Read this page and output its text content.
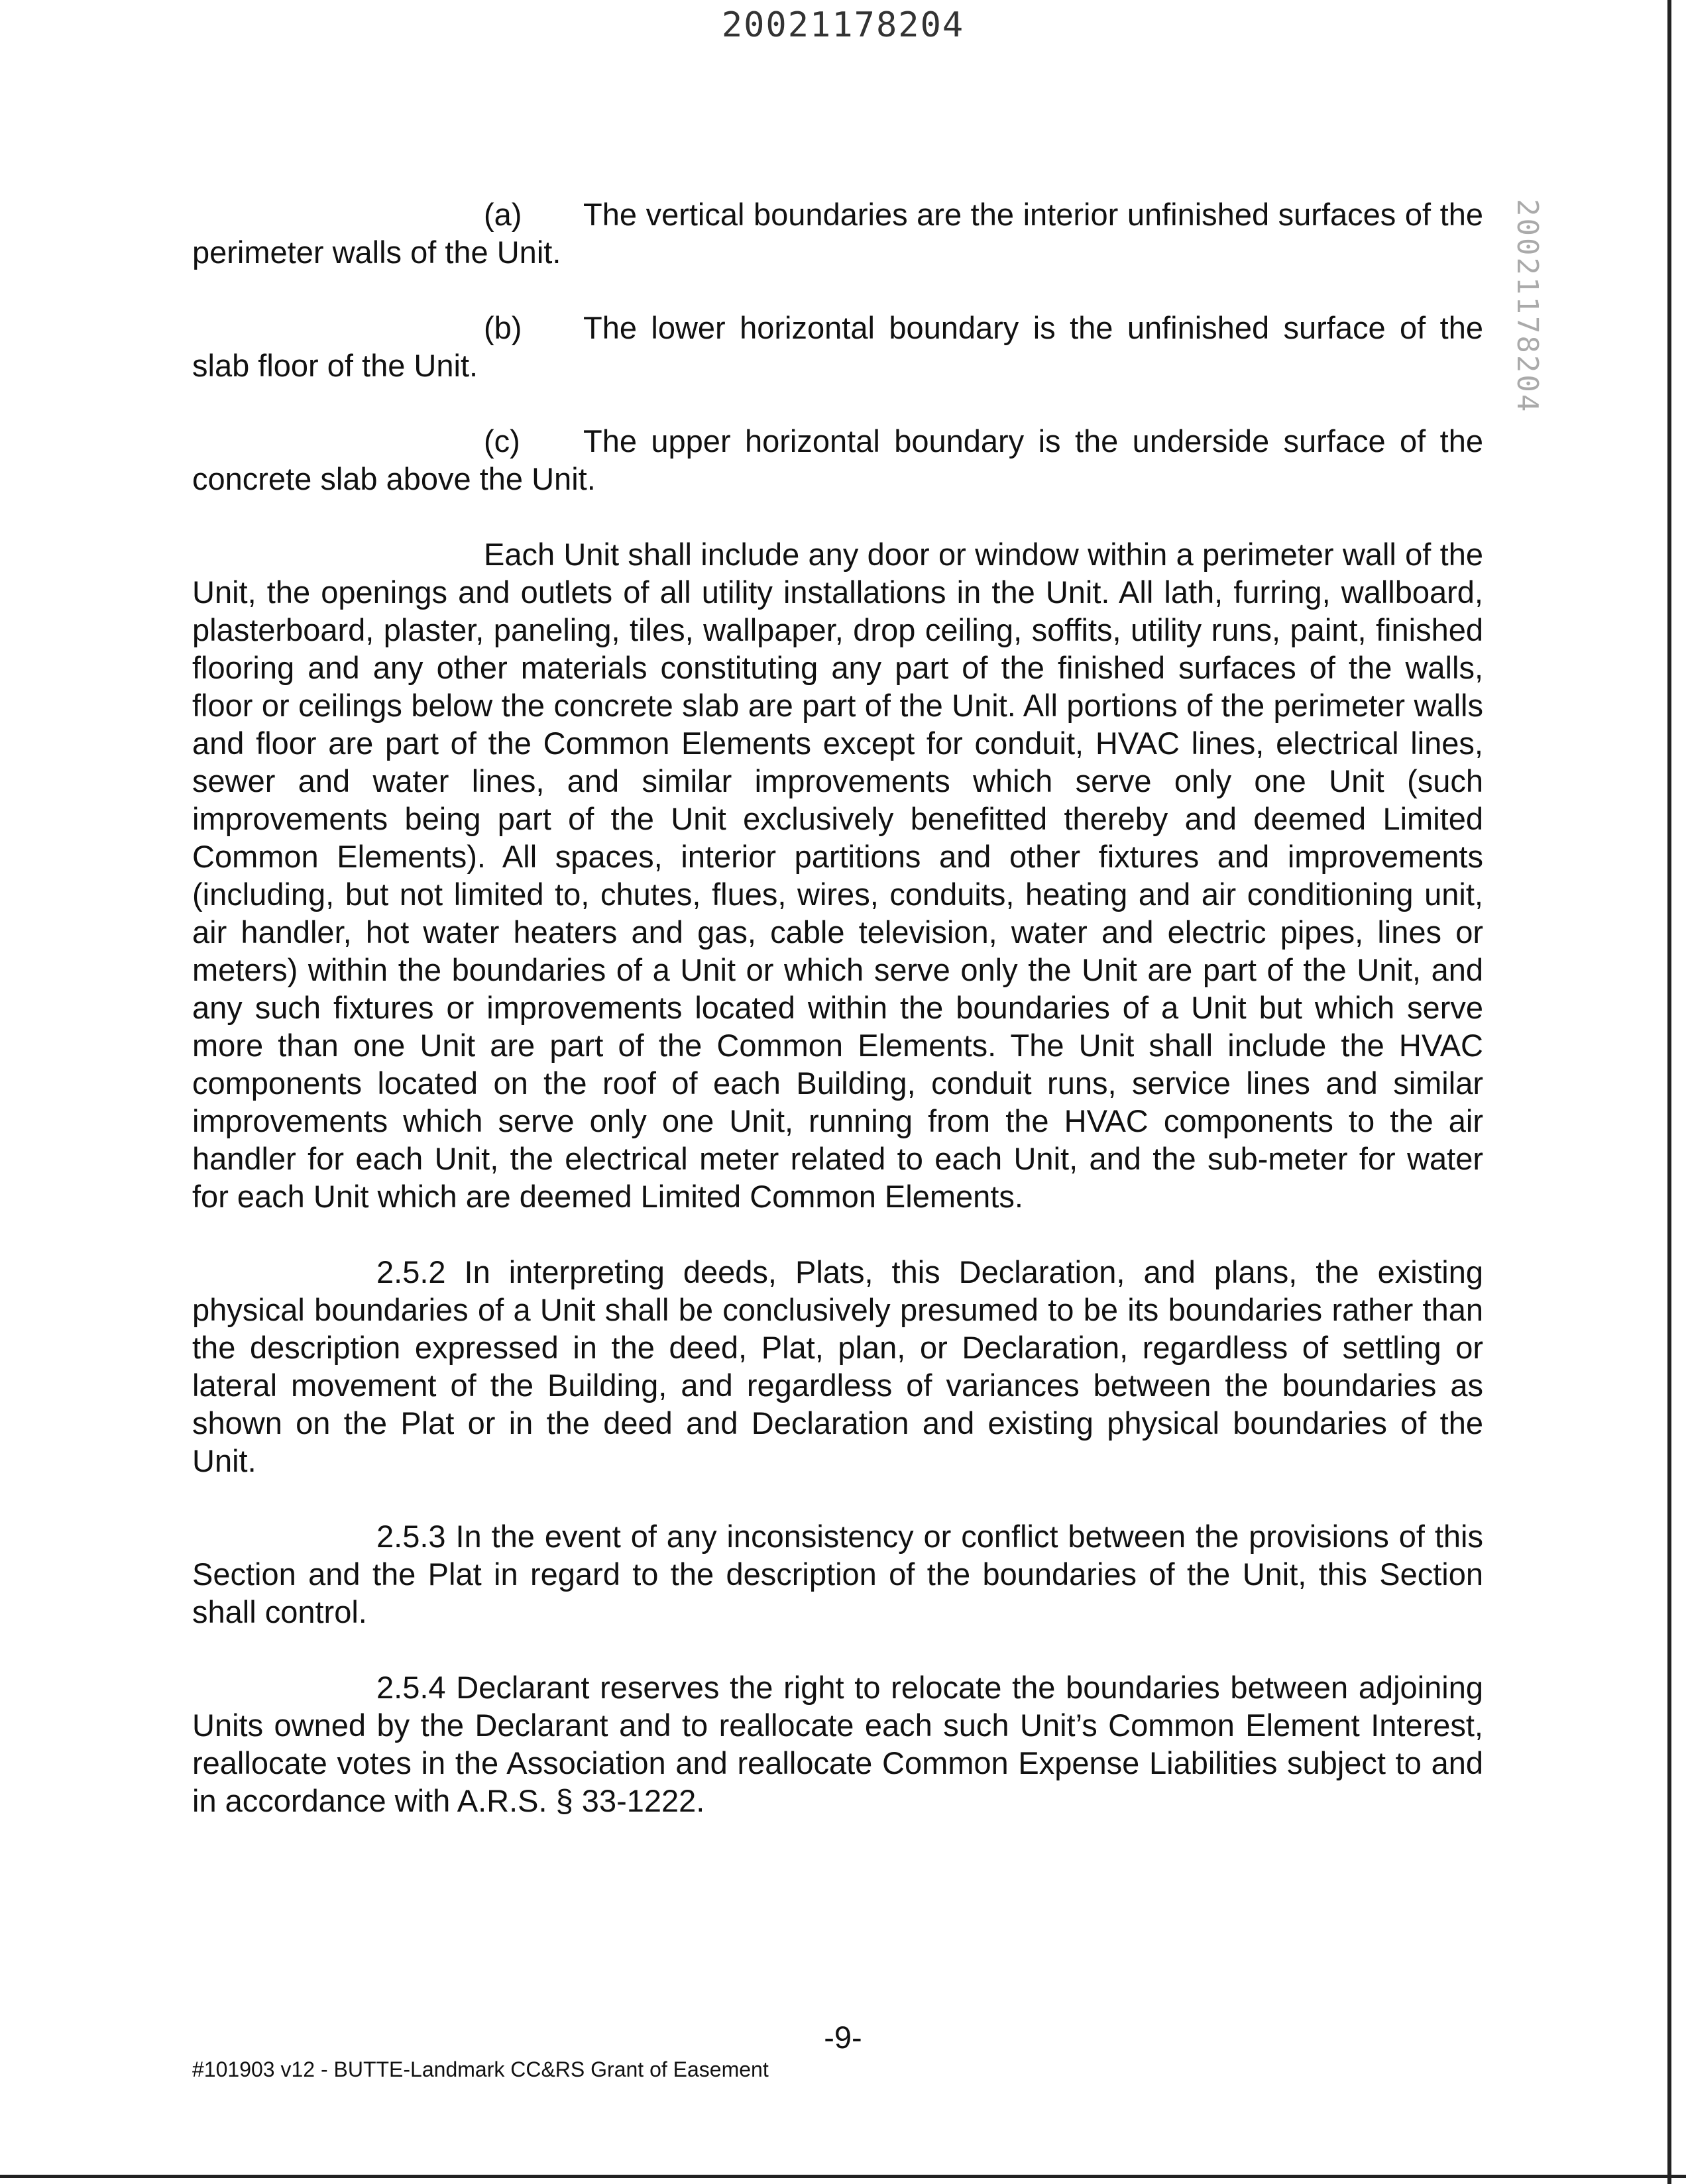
20021178204
20021178204

(a) The vertical boundaries are the interior unfinished surfaces of the perimeter walls of the Unit.

(b) The lower horizontal boundary is the unfinished surface of the slab floor of the Unit.

(c) The upper horizontal boundary is the underside surface of the concrete slab above the Unit.

Each Unit shall include any door or window within a perimeter wall of the Unit, the openings and outlets of all utility installations in the Unit. All lath, furring, wallboard, plasterboard, plaster, paneling, tiles, wallpaper, drop ceiling, soffits, utility runs, paint, finished flooring and any other materials constituting any part of the finished surfaces of the walls, floor or ceilings below the concrete slab are part of the Unit. All portions of the perimeter walls and floor are part of the Common Elements except for conduit, HVAC lines, electrical lines, sewer and water lines, and similar improvements which serve only one Unit (such improvements being part of the Unit exclusively benefitted thereby and deemed Limited Common Elements). All spaces, interior partitions and other fixtures and improvements (including, but not limited to, chutes, flues, wires, conduits, heating and air conditioning unit, air handler, hot water heaters and gas, cable television, water and electric pipes, lines or meters) within the boundaries of a Unit or which serve only the Unit are part of the Unit, and any such fixtures or improvements located within the boundaries of a Unit but which serve more than one Unit are part of the Common Elements. The Unit shall include the HVAC components located on the roof of each Building, conduit runs, service lines and similar improvements which serve only one Unit, running from the HVAC components to the air handler for each Unit, the electrical meter related to each Unit, and the sub-meter for water for each Unit which are deemed Limited Common Elements.

2.5.2 In interpreting deeds, Plats, this Declaration, and plans, the existing physical boundaries of a Unit shall be conclusively presumed to be its boundaries rather than the description expressed in the deed, Plat, plan, or Declaration, regardless of settling or lateral movement of the Building, and regardless of variances between the boundaries as shown on the Plat or in the deed and Declaration and existing physical boundaries of the Unit.

2.5.3 In the event of any inconsistency or conflict between the provisions of this Section and the Plat in regard to the description of the boundaries of the Unit, this Section shall control.

2.5.4 Declarant reserves the right to relocate the boundaries between adjoining Units owned by the Declarant and to reallocate each such Unit’s Common Element Interest, reallocate votes in the Association and reallocate Common Expense Liabilities subject to and in accordance with A.R.S. § 33-1222.

-9-
#101903 v12 - BUTTE-Landmark CC&RS Grant of Easement
